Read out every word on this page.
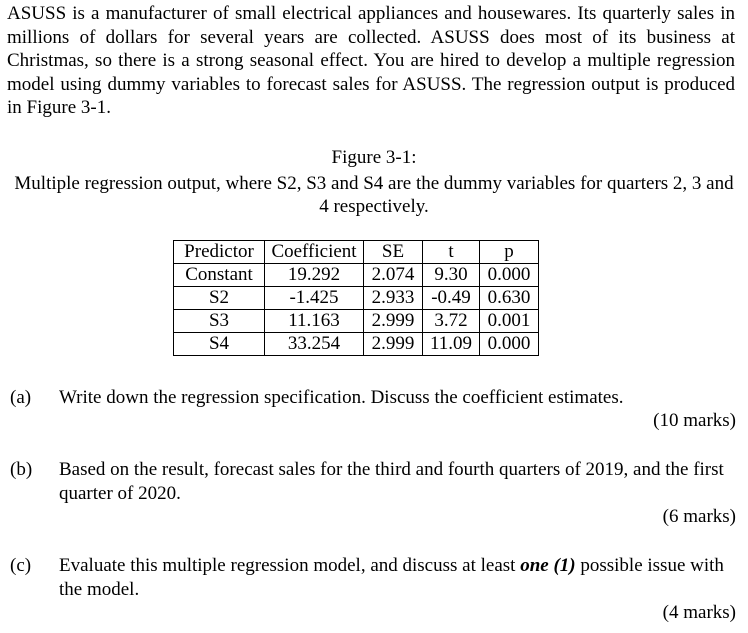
ASUSS is a manufacturer of small electrical appliances and housewares. Its quarterly sales in millions of dollars for several years are collected. ASUSS does most of its business at Christmas, so there is a strong seasonal effect. You are hired to develop a multiple regression model using dummy variables to forecast sales for ASUSS. The regression output is produced in Figure 3-1.
Figure 3-1:
Multiple regression output, where S2, S3 and S4 are the dummy variables for quarters 2, 3 and 4 respectively.
Predictor	Coefficient	SE	t	p
Constant	19.292	2.074	9.30	0.000
S2	-1.425	2.933	-0.49	0.630
S3	11.163	2.999	3.72	0.001
S4	33.254	2.999	11.09	0.000
(a) Write down the regression specification. Discuss the coefficient estimates.
(10 marks)
(b) Based on the result, forecast sales for the third and fourth quarters of 2019, and the first quarter of 2020.
(6 marks)
(c) Evaluate this multiple regression model, and discuss at least one (1) possible issue with the model.
(4 marks)
